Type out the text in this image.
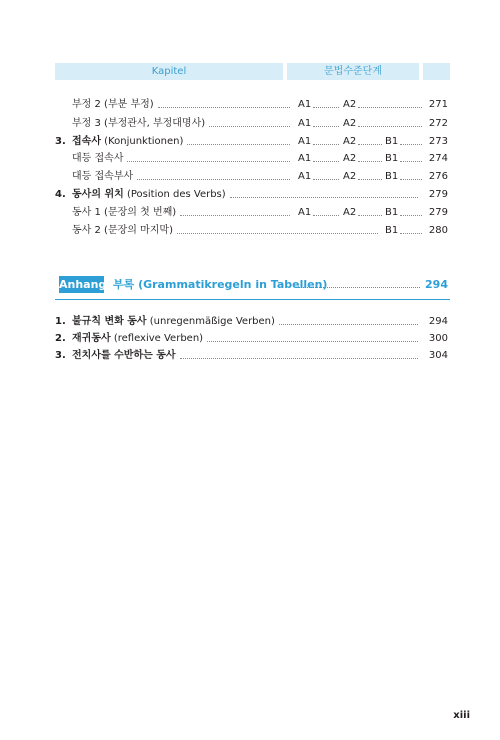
Kapitel	문법수준단계
부정 2 (부분 부정)	A1	A2	271
부정 3 (부정관사, 부정대명사)	A1	A2	272
3. 접속사 (Konjunktionen)	A1	A2	B1	273
대등 접속사	A1	A2	B1	274
대등 접속부사	A1	A2	B1	276
4. 동사의 위치 (Position des Verbs)	279
동사 1 (문장의 첫 번째)	A1	A2	B1	279
동사 2 (문장의 마지막)	B1	280
Anhang 부록 (Grammatikregeln in Tabellen)	294
1. 불규칙 변화 동사 (unregenmäßige Verben)	294
2. 재귀동사 (reflexive Verben)	300
3. 전치사를 수반하는 동사	304
xiii
